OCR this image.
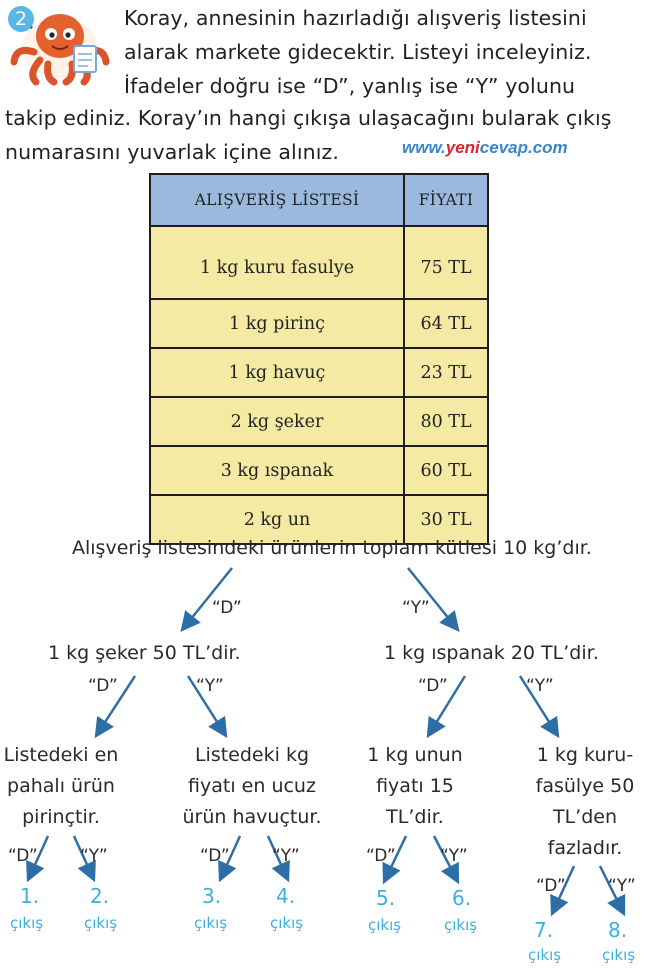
2	Koray, annesinin hazırladığı alışveriş listesini
alarak markete gidecektir. Listeyi inceleyiniz.
İfadeler doğru ise “D”, yanlış ise “Y” yolunu
takip ediniz. Koray’ın hangi çıkışa ulaşacağını bularak çıkış
numarasını yuvarlak içine alınız.	www.yenicevap.com
ALIŞVERİŞ LİSTESİ	FİYATI
1 kg kuru fasulye	75 TL
1 kg pirinç	64 TL
1 kg havuç	23 TL
2 kg şeker	80 TL
3 kg ıspanak	60 TL
2 kg un	30 TL
Alışveriş listesindeki ürünlerin toplam kütlesi 10 kg’dır.
“D”	“Y”
1 kg şeker 50 TL’dir.	1 kg ıspanak 20 TL’dir.
“D”	“Y”	“D”	“Y”
Listedeki en pahalı ürün pirinçtir.
Listedeki kg fiyatı en ucuz ürün havuçtur.
1 kg unun fiyatı 15 TL’dir.
1 kg kuru-fasülye 50 TL’den fazladır.
“D” “Y”	“D” “Y”	“D”	“Y”
“D” “Y”
1.
çıkış
2.
çıkış
3.
çıkış
4.
çıkış
5.
çıkış
6.
çıkış	7.
çıkış
8.
çıkış
